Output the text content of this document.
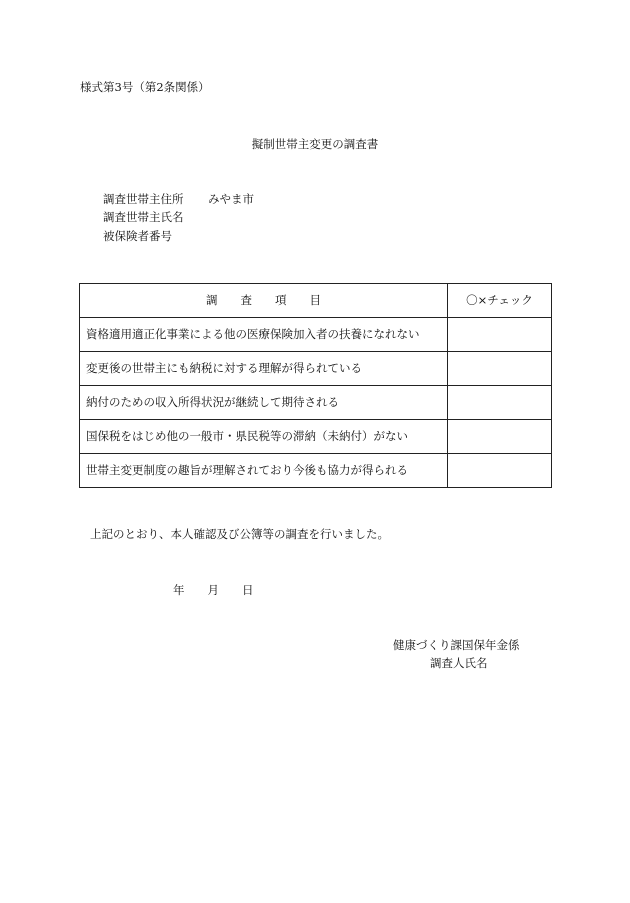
様式第3号（第2条関係）
擬制世帯主変更の調査書
調査世帯主住所 みやま市
調査世帯主氏名
被保険者番号
調　　査　　項　　目	〇×チェック
資格適用適正化事業による他の医療保険加入者の扶養になれない	
変更後の世帯主にも納税に対する理解が得られている	
納付のための収入所得状況が継続して期待される	
国保税をはじめ他の一般市・県民税等の滞納（未納付）がない	
世帯主変更制度の趣旨が理解されており今後も協力が得られる	
上記のとおり、本人確認及び公簿等の調査を行いました。
年　　月　　日
健康づくり課国保年金係
調査人氏名
